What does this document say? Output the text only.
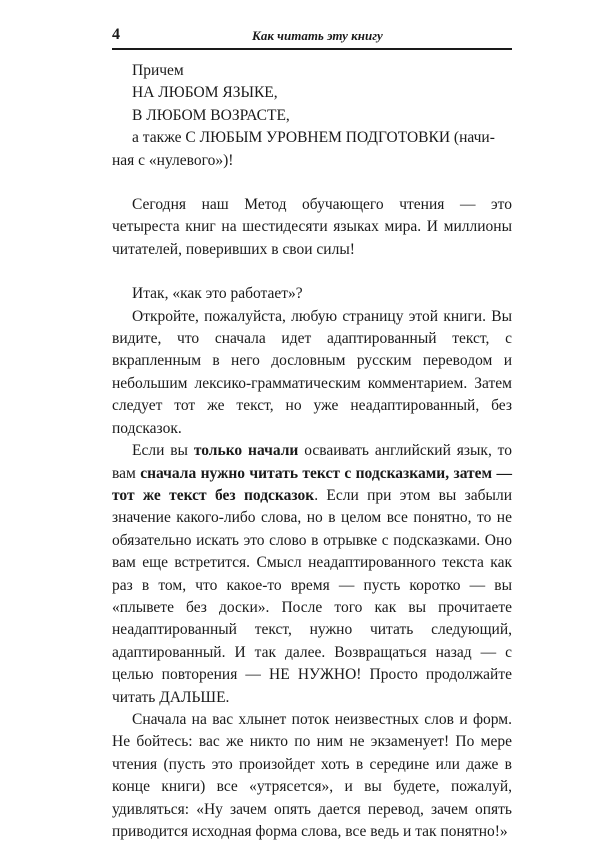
4	Как читать эту книгу

Причем
НА ЛЮБОМ ЯЗЫКЕ,
В ЛЮБОМ ВОЗРАСТЕ,
а также С ЛЮБЫМ УРОВНЕМ ПОДГОТОВКИ (начи-
ная с «нулевого»)!

Сегодня наш Метод обучающего чтения — это четыреста книг на шестидесяти языках мира. И миллионы читателей, поверивших в свои силы!

Итак, «как это работает»?

Откройте, пожалуйста, любую страницу этой книги. Вы видите, что сначала идет адаптированный текст, с вкрапленным в него дословным русским переводом и небольшим лексико-грамматическим комментарием. Затем следует тот же текст, но уже неадаптированный, без подсказок.

Если вы только начали осваивать английский язык, то вам сначала нужно читать текст с подсказками, затем — тот же текст без подсказок. Если при этом вы забыли значение какого-либо слова, но в целом все понятно, то не обязательно искать это слово в отрывке с подсказками. Оно вам еще встретится. Смысл неадаптированного текста как раз в том, что какое-то время — пусть коротко — вы «плывете без доски». После того как вы прочитаете неадаптированный текст, нужно читать следующий, адаптированный. И так далее. Возвращаться назад — с целью повторения — НЕ НУЖНО! Просто продолжайте читать ДАЛЬШЕ.

Сначала на вас хлынет поток неизвестных слов и форм. Не бойтесь: вас же никто по ним не экзаменует! По мере чтения (пусть это произойдет хоть в середине или даже в конце книги) все «утрясется», и вы будете, пожалуй, удивляться: «Ну зачем опять дается перевод, зачем опять приводится исходная форма слова, все ведь и так понятно!»
